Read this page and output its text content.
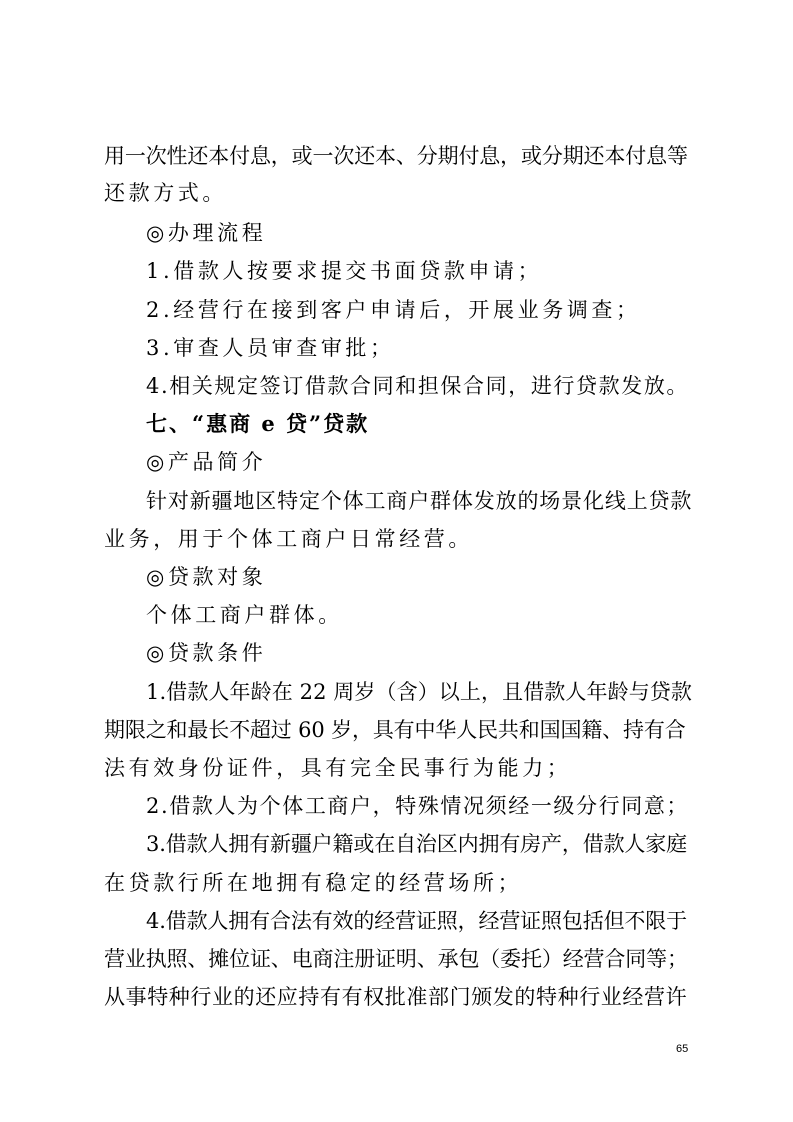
用一次性还本付息，或一次还本、分期付息，或分期还本付息等
还款方式。
◎办理流程
1.借款人按要求提交书面贷款申请；
2.经营行在接到客户申请后，开展业务调查；
3.审查人员审查审批；
4.相关规定签订借款合同和担保合同，进行贷款发放。
七、“惠商 e 贷”贷款
◎产品简介
针对新疆地区特定个体工商户群体发放的场景化线上贷款
业务，用于个体工商户日常经营。
◎贷款对象
个体工商户群体。
◎贷款条件
1.借款人年龄在 22 周岁（含）以上，且借款人年龄与贷款
期限之和最长不超过 60 岁，具有中华人民共和国国籍、持有合
法有效身份证件，具有完全民事行为能力；
2.借款人为个体工商户，特殊情况须经一级分行同意；
3.借款人拥有新疆户籍或在自治区内拥有房产，借款人家庭
在贷款行所在地拥有稳定的经营场所；
4.借款人拥有合法有效的经营证照，经营证照包括但不限于
营业执照、摊位证、电商注册证明、承包（委托）经营合同等；
从事特种行业的还应持有有权批准部门颁发的特种行业经营许
65
